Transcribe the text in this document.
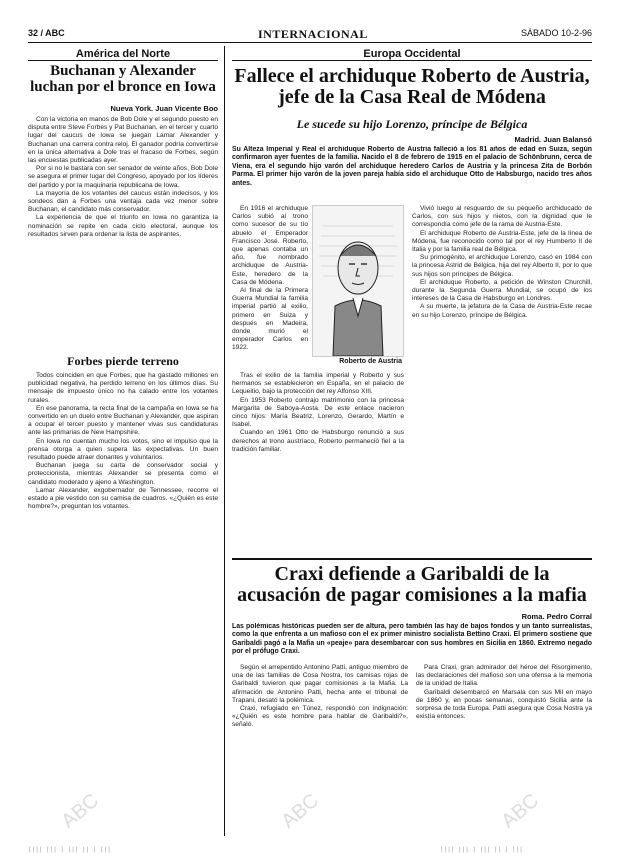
32 / ABC	INTERNACIONAL	SÁBADO 10-2-96
América del Norte
Buchanan y Alexander luchan por el bronce en Iowa
Nueva York. Juan Vicente Boo

Con la victoria en manos de Bob Dole y el segundo puesto en disputa entre Steve Forbes y Pat Buchanan, en el tercer y cuarto lugar del caucus de Iowa se juegan Lamar Alexander y Buchanan una carrera contra reloj. El ganador podría convertirse en la única alternativa a Dole tras el fracaso de Forbes, según las encuestas publicadas ayer.

Por si no le bastara con ser senador de veinte años, Bob Dole se asegura el primer lugar del Congreso, apoyado por los líderes del partido y por la maquinaria republicana de Iowa.

La mayoría de los votantes del caucus están indecisos, y los sondeos dan a Forbes una ventaja cada vez menor sobre Buchanan, el candidato más conservador.

La experiencia de que el triunfo en Iowa no garantiza la nominación se repite en cada ciclo electoral, aunque los resultados sirven para ordenar la lista de aspirantes.

Forbes pierde terreno

Todos coinciden en que Forbes, que ha gastado millones en publicidad negativa, ha perdido terreno en los últimos días. Su mensaje de impuesto único no ha calado entre los votantes rurales.

En ese panorama, la recta final de la campaña en Iowa se ha convertido en un duelo entre Buchanan y Alexander, que aspiran a ocupar el tercer puesto y mantener vivas sus candidaturas ante las primarias de New Hampshire.

En Iowa no cuentan mucho los votos, sino el impulso que la prensa otorga a quien supera las expectativas. Un buen resultado puede atraer donantes y voluntarios.

Buchanan juega su carta de conservador social y proteccionista, mientras Alexander se presenta como el candidato moderado y ajeno a Washington.

Lamar Alexander, exgobernador de Tennessee, recorre el estado a pie vestido con su camisa de cuadros. «¿Quién es este hombre?», preguntan los votantes.

Europa Occidental
Fallece el archiduque Roberto de Austria, jefe de la Casa Real de Módena
Le sucede su hijo Lorenzo, príncipe de Bélgica
Madrid. Juan Balansó
Su Alteza Imperial y Real el archiduque Roberto de Austria falleció a los 81 años de edad en Suiza, según confirmaron ayer fuentes de la familia. Nacido el 8 de febrero de 1915 en el palacio de Schönbrunn, cerca de Viena, era el segundo hijo varón del archiduque heredero Carlos de Austria y la princesa Zita de Borbón Parma. El primer hijo varón de la joven pareja había sido el archiduque Otto de Habsburgo, nacido tres años antes.
Roberto de Austria

En 1916 el archiduque Carlos subió al trono como sucesor de su tío abuelo el Emperador Francisco José. Roberto, que apenas contaba un año, fue nombrado archiduque de Austria-Este, heredero de la Casa de Módena.

Al final de la Primera Guerra Mundial la familia imperial partió al exilio, primero en Suiza y después en Madeira, donde murió el emperador Carlos en 1922.

Tras el exilio de la familia imperial y Roberto y sus hermanos se establecieron en España, en el palacio de Lequeitio, bajo la protección del rey Alfonso XIII.

En 1953 Roberto contrajo matrimonio con la princesa Margarita de Saboya-Aosta. De este enlace nacieron cinco hijos: María Beatriz, Lorenzo, Gerardo, Martín e Isabel.

Cuando en 1961 Otto de Habsburgo renunció a sus derechos al trono austríaco, Roberto permaneció fiel a la tradición familiar.

Vivió luego al resguardo de su pequeño archiducado de Carlos, con sus hijos y nietos, con la dignidad que le correspondía como jefe de la rama de Austria-Este.

El archiduque Roberto de Austria-Este, jefe de la línea de Módena, fue reconocido como tal por el rey Humberto II de Italia y por la familia real de Bélgica.

Su primogénito, el archiduque Lorenzo, casó en 1984 con la princesa Astrid de Bélgica, hija del rey Alberto II, por lo que sus hijos son príncipes de Bélgica.

El archiduque Roberto, a petición de Winston Churchill, durante la Segunda Guerra Mundial, se ocupó de los intereses de la Casa de Habsburgo en Londres.

A su muerte, la jefatura de la Casa de Austria-Este recae en su hijo Lorenzo, príncipe de Bélgica.

Craxi defiende a Garibaldi de la acusación de pagar comisiones a la mafia
Roma. Pedro Corral
Las polémicas históricas pueden ser de altura, pero también las hay de bajos fondos y un tanto surrealistas, como la que enfrenta a un mafioso con el ex primer ministro socialista Bettino Craxi. El primero sostiene que Garibaldi pagó a la Mafia un «peaje» para desembarcar con sus hombres en Sicilia en 1860. Extremo negado por el prófugo Craxi.

Según el arrepentido Antonino Patti, antiguo miembro de una de las familias de Cosa Nostra, los camisas rojas de Garibaldi tuvieron que pagar comisiones a la Mafia. La afirmación de Antonino Patti, hecha ante el tribunal de Trapani, desató la polémica.

Craxi, refugiado en Túnez, respondió con indignación: «¿Quién es este hombre para hablar de Garibaldi?», señaló.

Para Craxi, gran admirador del héroe del Risorgimento, las declaraciones del mafioso son una ofensa a la memoria de la unidad de Italia.

Garibaldi desembarcó en Marsala con sus Mil en mayo de 1860 y, en pocas semanas, conquistó Sicilia ante la sorpresa de toda Europa. Patti asegura que Cosa Nostra ya existía entonces.

ABC	ABC	ABC
|||| ||| | ||| || | |||	|||| ||| | ||| || | |||
